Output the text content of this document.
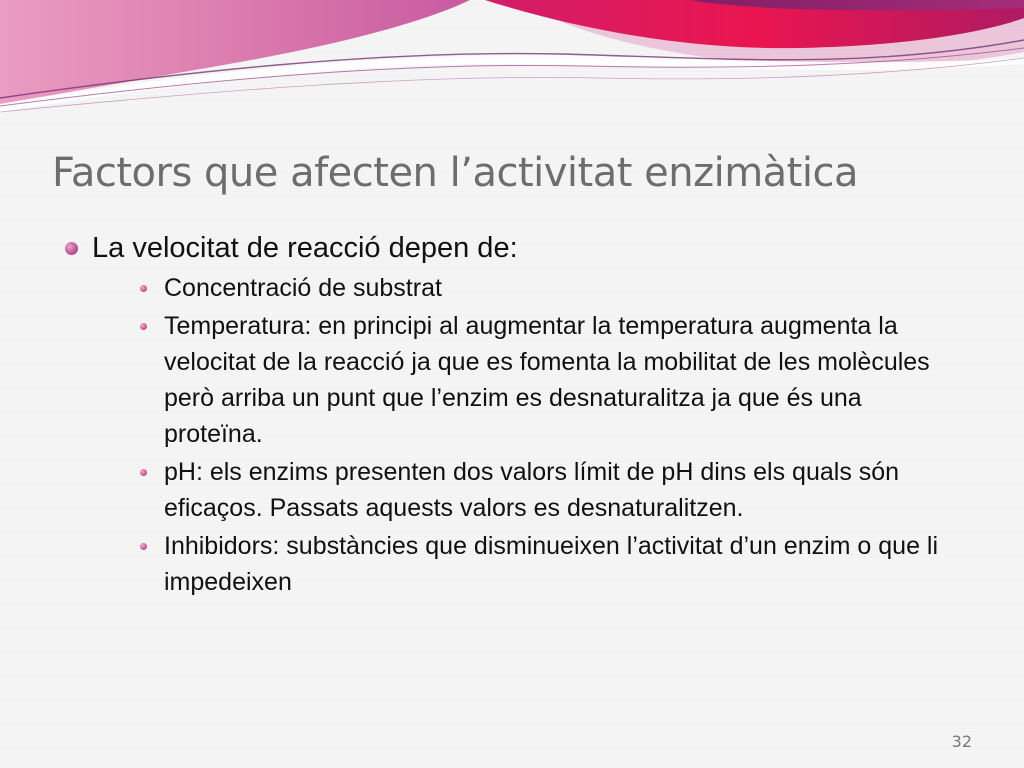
Factors que afecten l’activitat enzimàtica
La velocitat de reacció depen de:
Concentració de substrat
Temperatura: en principi al augmentar la temperatura augmenta la velocitat de la reacció ja que es fomenta la mobilitat de les molècules però arriba un punt que l’enzim es desnaturalitza ja que és una proteïna.
pH: els enzims presenten dos valors límit de pH dins els quals són eficaços. Passats aquests valors es desnaturalitzen.
Inhibidors: substàncies que disminueixen l’activitat d’un enzim o que li impedeixen
32
